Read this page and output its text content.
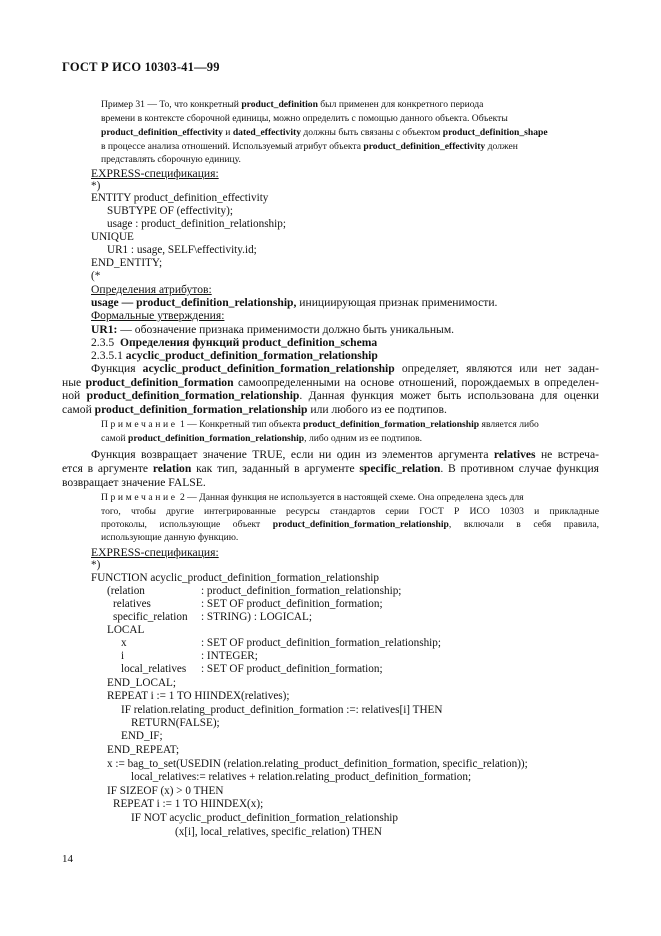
ГОСТ Р ИСО 10303-41—99
Пример 31 — То, что конкретный product_definition был применен для конкретного периода
времени в контексте сборочной единицы, можно определить с помощью данного объекта. Объекты
product_definition_effectivity и dated_effectivity должны быть связаны с объектом product_definition_shape
в процессе анализа отношений. Используемый атрибут объекта product_definition_effectivity должен
представлять сборочную единицу.
EXPRESS-спецификация:
*)
ENTITY product_definition_effectivity
SUBTYPE OF (effectivity);
usage : product_definition_relationship;
UNIQUE
UR1 : usage, SELF\effectivity.id;
END_ENTITY;
(*
Определения атрибутов:
usage — product_definition_relationship, инициирующая признак применимости.
Формальные утверждения:
UR1: — обозначение признака применимости должно быть уникальным.
2.3.5 Определения функций product_definition_schema
2.3.5.1 acyclic_product_definition_formation_relationship
Функция acyclic_product_definition_formation_relationship определяет, являются или нет задан-
ные product_definition_formation самоопределенными на основе отношений, порождаемых в определен-
ной product_definition_formation_relationship. Данная функция может быть использована для оценки
самой product_definition_formation_relationship или любого из ее подтипов.
Примечание 1 — Конкретный тип объекта product_definition_formation_relationship является либо
самой product_definition_formation_relationship, либо одним из ее подтипов.
Функция возвращает значение TRUE, если ни один из элементов аргумента relatives не встреча-
ется в аргументе relation как тип, заданный в аргументе specific_relation. В противном случае функция
возвращает значение FALSE.
Примечание 2 — Данная функция не используется в настоящей схеме. Она определена здесь для
того, чтобы другие интегрированные ресурсы стандартов серии ГОСТ Р ИСО 10303 и прикладные
протоколы, использующие объект product_definition_formation_relationship, включали в себя правила,
использующие данную функцию.
EXPRESS-спецификация:
*)
FUNCTION acyclic_product_definition_formation_relationship
(relation	: product_definition_formation_relationship;
relatives	: SET OF product_definition_formation;
specific_relation : STRING) : LOGICAL;
LOCAL
x	: SET OF product_definition_formation_relationship;
i	: INTEGER;
local_relatives : SET OF product_definition_formation;
END_LOCAL;
REPEAT i := 1 TO HIINDEX(relatives);
IF relation.relating_product_definition_formation :=: relatives[i] THEN
RETURN(FALSE);
END_IF;
END_REPEAT;
x := bag_to_set(USEDIN (relation.relating_product_definition_formation, specific_relation));
local_relatives:= relatives + relation.relating_product_definition_formation;
IF SIZEOF (x) > 0 THEN
REPEAT i := 1 TO HIINDEX(x);
IF NOT acyclic_product_definition_formation_relationship
(x[i], local_relatives, specific_relation) THEN
14
